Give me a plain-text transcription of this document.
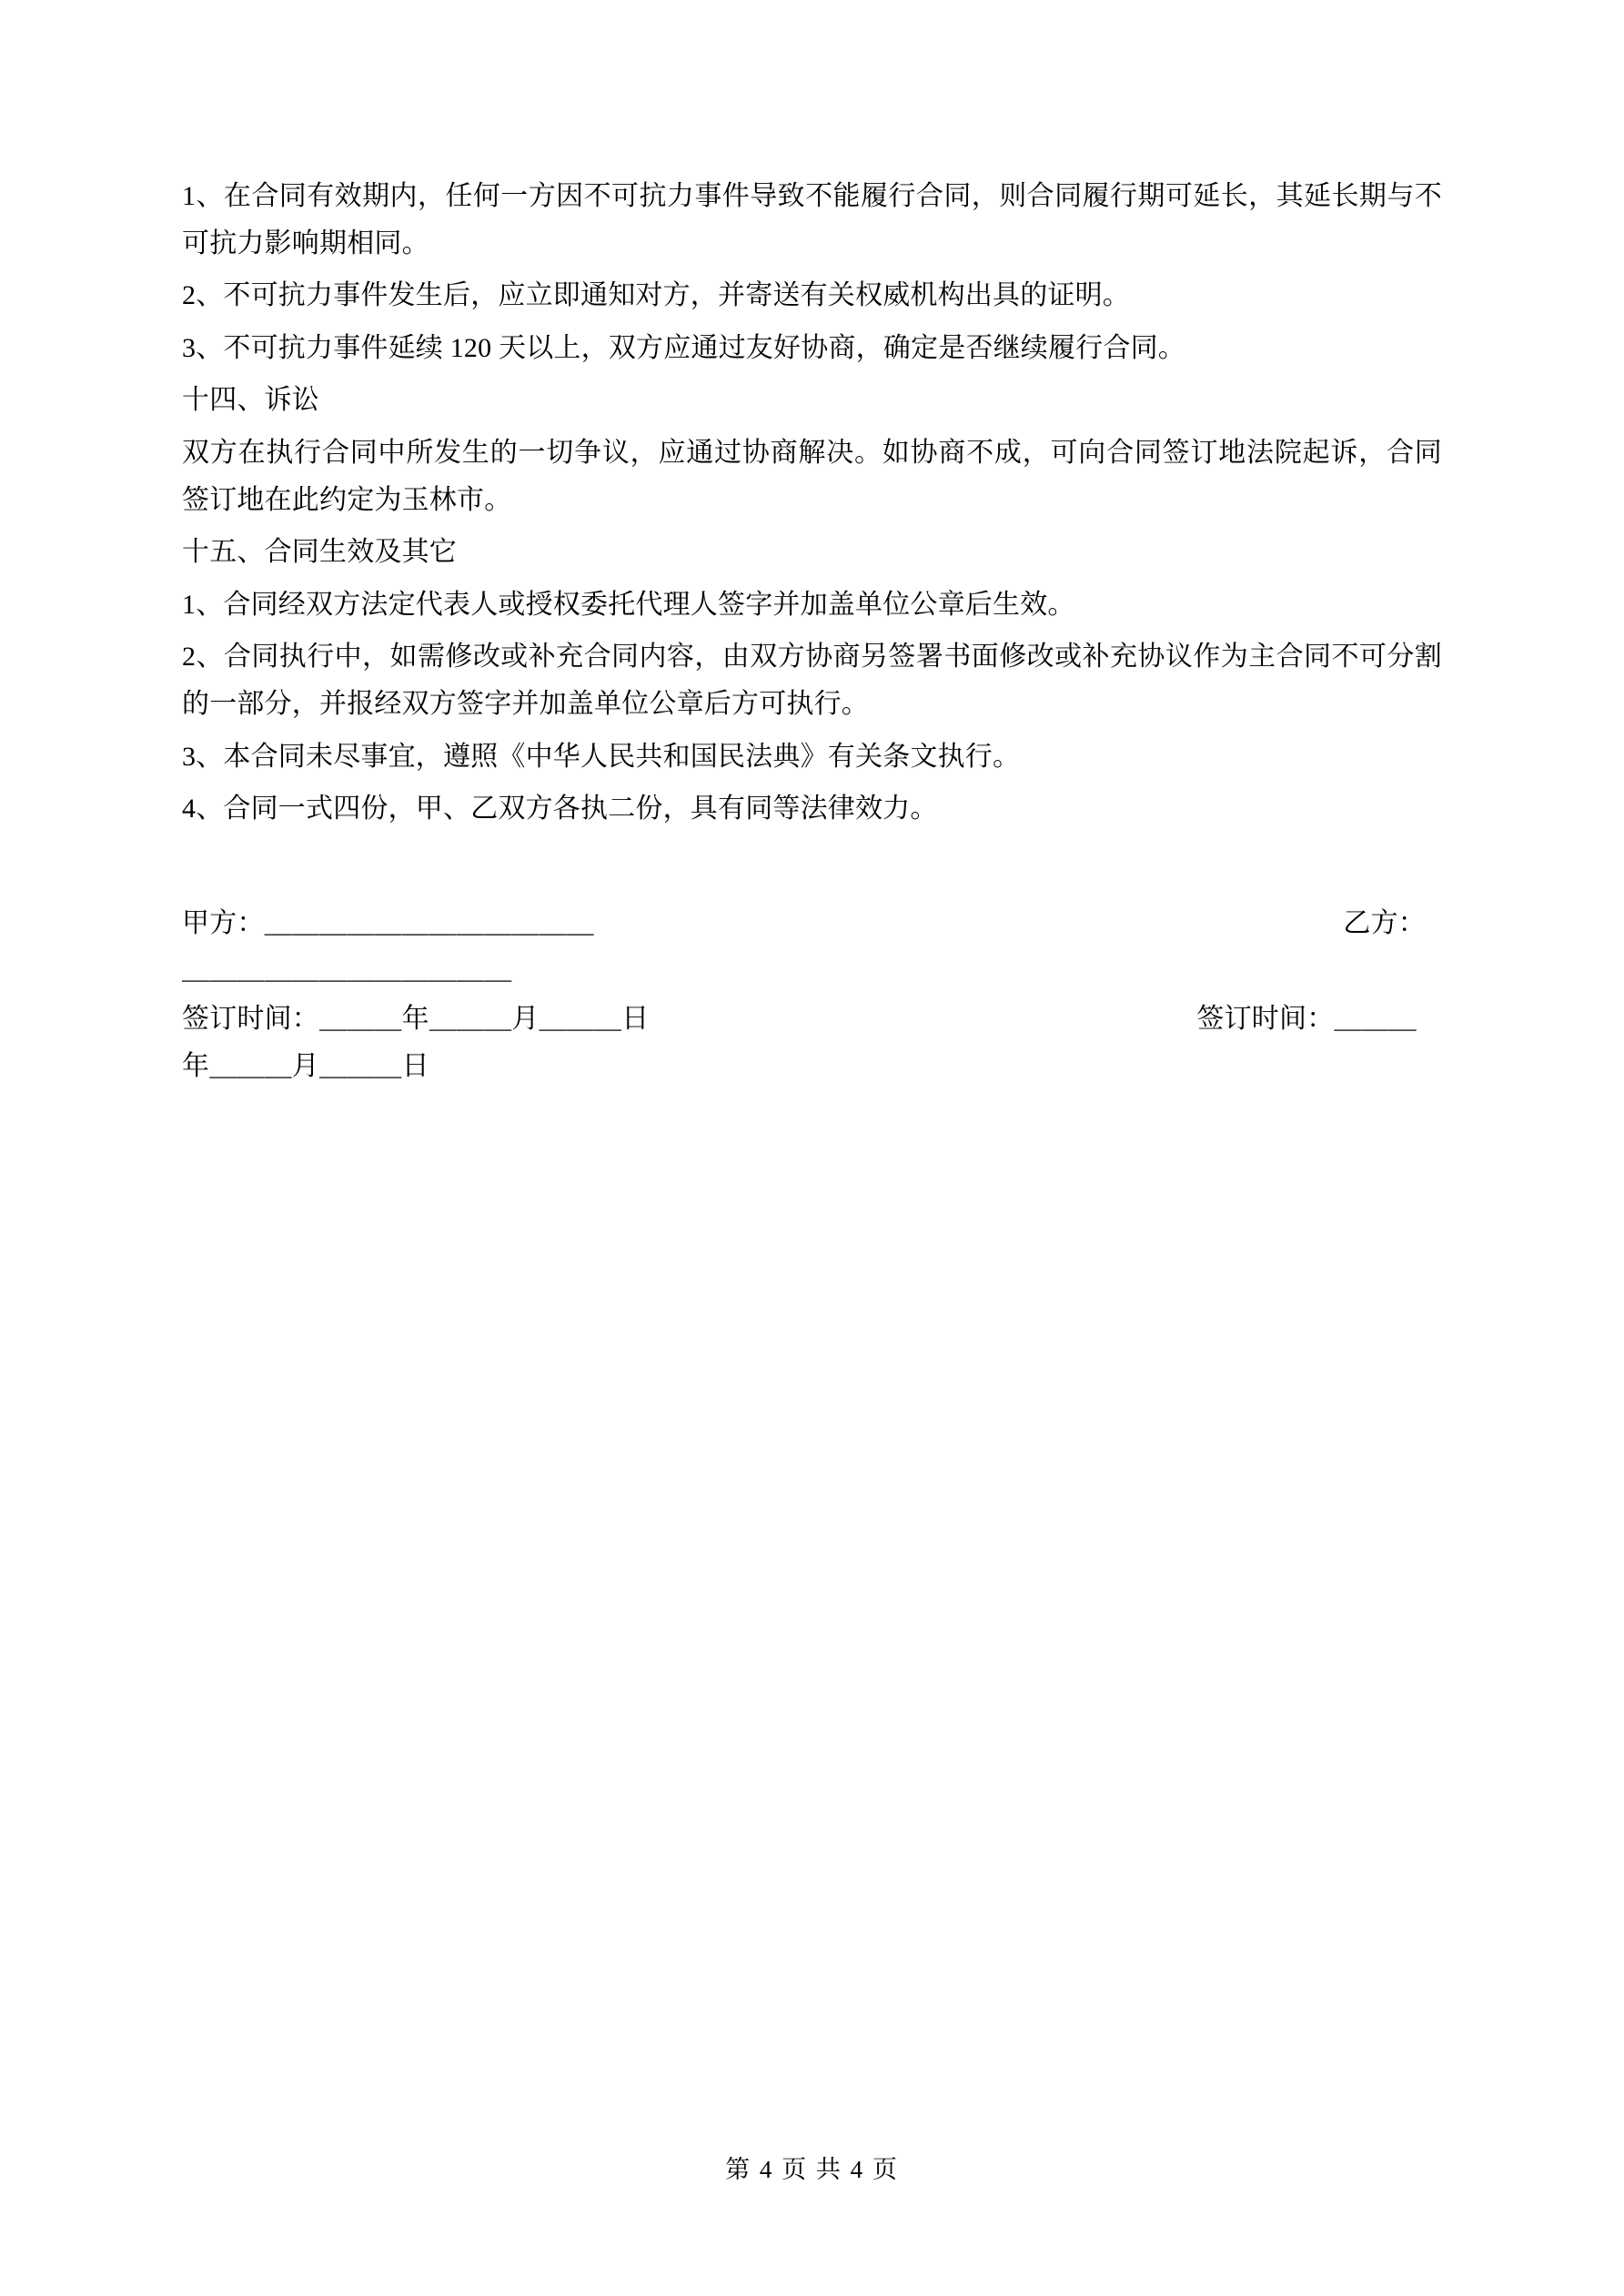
1、在合同有效期内，任何一方因不可抗力事件导致不能履行合同，则合同履行期可延长，其延长期与不可抗力影响期相同。

2、不可抗力事件发生后，应立即通知对方，并寄送有关权威机构出具的证明。

3、不可抗力事件延续 120 天以上，双方应通过友好协商，确定是否继续履行合同。

十四、诉讼

双方在执行合同中所发生的一切争议，应通过协商解决。如协商不成，可向合同签订地法院起诉，合同签订地在此约定为玉林市。

十五、合同生效及其它

1、合同经双方法定代表人或授权委托代理人签字并加盖单位公章后生效。

2、合同执行中，如需修改或补充合同内容，由双方协商另签署书面修改或补充协议作为主合同不可分割的一部分，并报经双方签字并加盖单位公章后方可执行。

3、本合同未尽事宜，遵照《中华人民共和国民法典》有关条文执行。

4、合同一式四份，甲、乙双方各执二份，具有同等法律效力。

甲方：＿＿＿＿＿＿＿＿＿＿＿＿	乙方：
＿＿＿＿＿＿＿＿＿＿＿＿
签订时间：＿＿＿年＿＿＿月＿＿＿日	签订时间：＿＿＿
年＿＿＿月＿＿＿日
第 4 页 共 4 页
